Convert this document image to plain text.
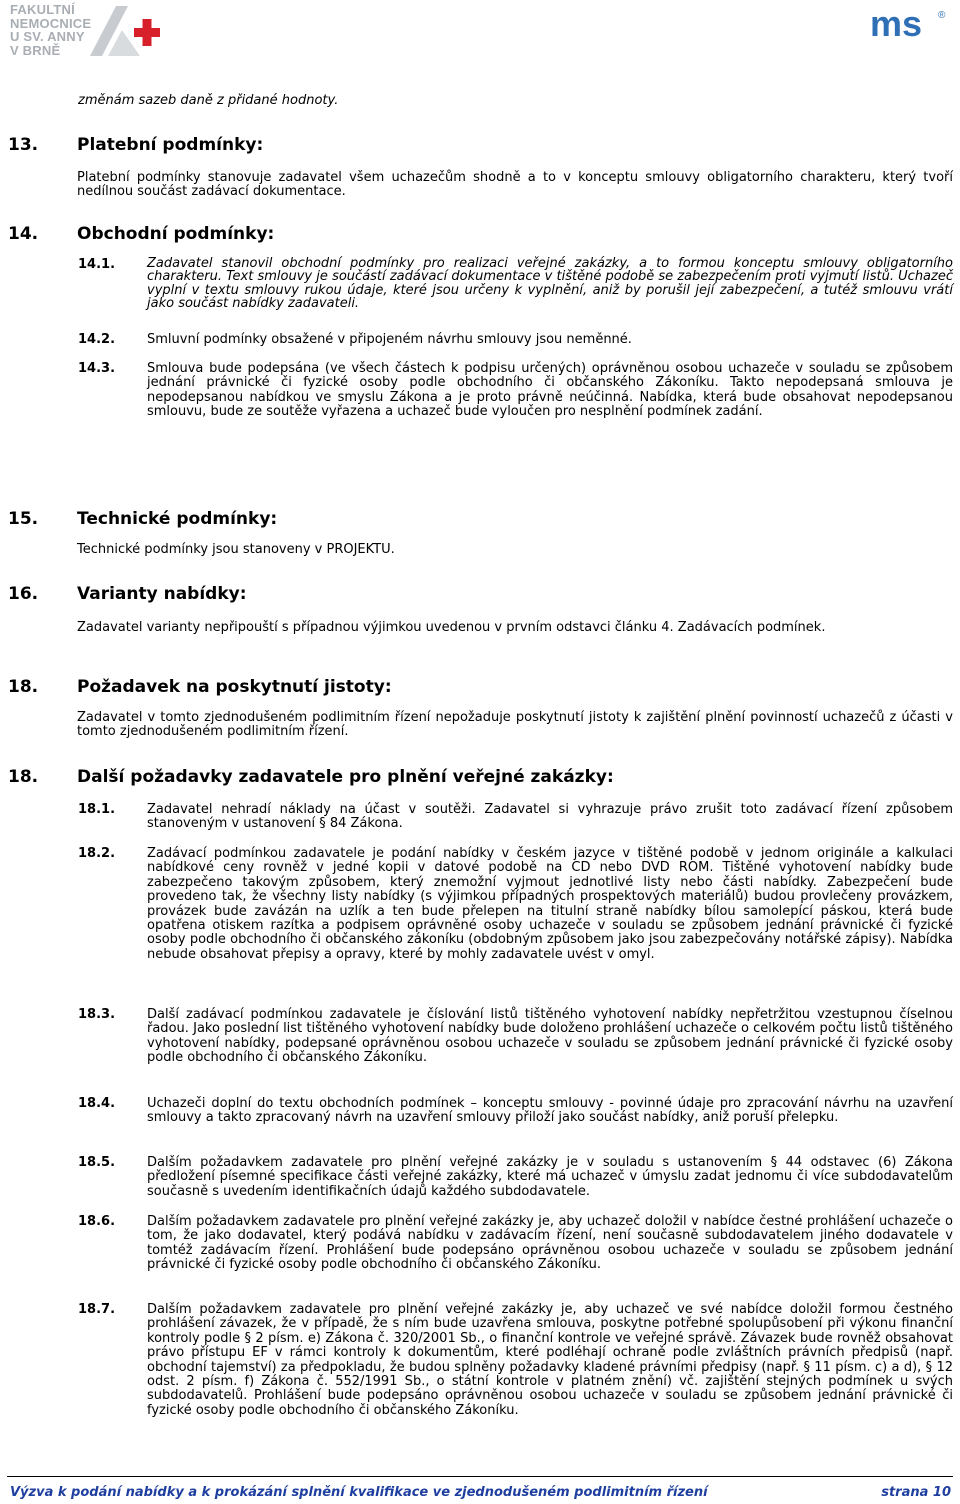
FAKULTNÍ
NEMOCNICE
U SV. ANNY
V BRNĚ
ms ®

změnám sazeb daně z přidané hodnoty.

13. Platební podmínky:

Platební podmínky stanovuje zadavatel všem uchazečům shodně a to v konceptu smlouvy obligatorního charakteru, který tvoří nedílnou součást zadávací dokumentace.

14. Obchodní podmínky:
14.1. Zadavatel stanovil obchodní podmínky pro realizaci veřejné zakázky, a to formou konceptu smlouvy obligatorního charakteru. Text smlouvy je součástí zadávací dokumentace v tištěné podobě se zabezpečením proti vyjmutí listů. Uchazeč vyplní v textu smlouvy rukou údaje, které jsou určeny k vyplnění, aniž by porušil její zabezpečení, a tutéž smlouvu vrátí jako součást nabídky zadavateli.

14.2. Smluvní podmínky obsažené v připojeném návrhu smlouvy jsou neměnné.

14.3. Smlouva bude podepsána (ve všech částech k podpisu určených) oprávněnou osobou uchazeče v souladu se způsobem jednání právnické či fyzické osoby podle obchodního či občanského Zákoníku. Takto nepodepsaná smlouva je nepodepsanou nabídkou ve smyslu Zákona a je proto právně neúčinná. Nabídka, která bude obsahovat nepodepsanou smlouvu, bude ze soutěže vyřazena a uchazeč bude vyloučen pro nesplnění podmínek zadání.

15. Technické podmínky:

Technické podmínky jsou stanoveny v PROJEKTU.

16. Varianty nabídky:

Zadavatel varianty nepřipouští s případnou výjimkou uvedenou v prvním odstavci článku 4. Zadávacích podmínek.

18. Požadavek na poskytnutí jistoty:

Zadavatel v tomto zjednodušeném podlimitním řízení nepožaduje poskytnutí jistoty k zajištění plnění povinností uchazečů z účasti v tomto zjednodušeném podlimitním řízení.

18. Další požadavky zadavatele pro plnění veřejné zakázky:
18.1. Zadavatel nehradí náklady na účast v soutěži. Zadavatel si vyhrazuje právo zrušit toto zadávací řízení způsobem stanoveným v ustanovení § 84 Zákona.

18.2. Zadávací podmínkou zadavatele je podání nabídky v českém jazyce v tištěné podobě v jednom originále a kalkulaci nabídkové ceny rovněž v jedné kopii v datové podobě na CD nebo DVD ROM. Tištěné vyhotovení nabídky bude zabezpečeno takovým způsobem, který znemožní vyjmout jednotlivé listy nebo části nabídky. Zabezpečení bude provedeno tak, že všechny listy nabídky (s výjimkou případných prospektových materiálů) budou provlečeny provázkem, provázek bude zavázán na uzlík a ten bude přelepen na titulní straně nabídky bílou samolepící páskou, která bude opatřena otiskem razítka a podpisem oprávněné osoby uchazeče v souladu se způsobem jednání právnické či fyzické osoby podle obchodního či občanského zákoníku (obdobným způsobem jako jsou zabezpečovány notářské zápisy). Nabídka nebude obsahovat přepisy a opravy, které by mohly zadavatele uvést v omyl.

18.3. Další zadávací podmínkou zadavatele je číslování listů tištěného vyhotovení nabídky nepřetržitou vzestupnou číselnou řadou. Jako poslední list tištěného vyhotovení nabídky bude doloženo prohlášení uchazeče o celkovém počtu listů tištěného vyhotovení nabídky, podepsané oprávněnou osobou uchazeče v souladu se způsobem jednání právnické či fyzické osoby podle obchodního či občanského Zákoníku.

18.4. Uchazeči doplní do textu obchodních podmínek – konceptu smlouvy - povinné údaje pro zpracování návrhu na uzavření smlouvy a takto zpracovaný návrh na uzavření smlouvy přiloží jako součást nabídky, aniž poruší přelepku.

18.5. Dalším požadavkem zadavatele pro plnění veřejné zakázky je v souladu s ustanovením § 44 odstavec (6) Zákona předložení písemné specifikace části veřejné zakázky, které má uchazeč v úmyslu zadat jednomu či více subdodavatelům současně s uvedením identifikačních údajů každého subdodavatele.

18.6. Dalším požadavkem zadavatele pro plnění veřejné zakázky je, aby uchazeč doložil v nabídce čestné prohlášení uchazeče o tom, že jako dodavatel, který podává nabídku v zadávacím řízení, není současně subdodavatelem jiného dodavatele v tomtéž zadávacím řízení. Prohlášení bude podepsáno oprávněnou osobou uchazeče v souladu se způsobem jednání právnické či fyzické osoby podle obchodního či občanského Zákoníku.

18.7. Dalším požadavkem zadavatele pro plnění veřejné zakázky je, aby uchazeč ve své nabídce doložil formou čestného prohlášení závazek, že v případě, že s ním bude uzavřena smlouva, poskytne potřebné spolupůsobení při výkonu finanční kontroly podle § 2 písm. e) Zákona č. 320/2001 Sb., o finanční kontrole ve veřejné správě. Závazek bude rovněž obsahovat právo přístupu EF v rámci kontroly k dokumentům, které podléhají ochraně podle zvláštních právních předpisů (např. obchodní tajemství) za předpokladu, že budou splněny požadavky kladené právními předpisy (např. § 11 písm. c) a d), § 12 odst. 2 písm. f) Zákona č. 552/1991 Sb., o státní kontrole v platném znění) vč. zajištění stejných podmínek u svých subdodavatelů. Prohlášení bude podepsáno oprávněnou osobou uchazeče v souladu se způsobem jednání právnické či fyzické osoby podle obchodního či občanského Zákoníku.

Výzva k podání nabídky a k prokázání splnění kvalifikace ve zjednodušeném podlimitním řízení	strana 10
